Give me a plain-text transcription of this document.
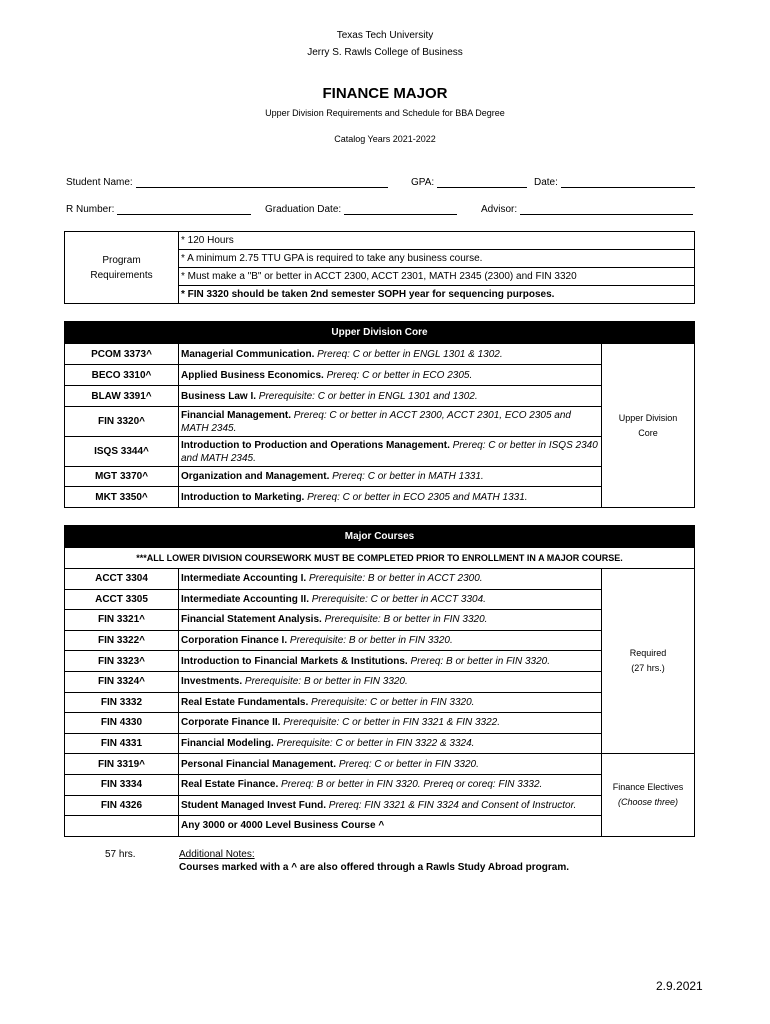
Texas Tech University
Jerry S. Rawls College of Business
FINANCE MAJOR
Upper Division Requirements and Schedule for BBA Degree
Catalog Years 2021-2022
Student Name:	GPA:	Date:
R Number:	Graduation Date:	Advisor:
Program
Requirements
	* 120 Hours
* A minimum 2.75 TTU GPA is required to take any business course.
* Must make a "B" or better in ACCT 2300, ACCT 2301, MATH 2345 (2300) and FIN 3320
* FIN 3320 should be taken 2nd semester SOPH year for sequencing purposes.
Upper Division Core		
PCOM 3373^	Managerial Communication. Prereq: C or better in ENGL 1301 & 1302.	Upper Division
Core

BECO 3310^	Applied Business Economics. Prereq: C or better in ECO 2305.	
BLAW 3391^	Business Law I. Prerequisite: C or better in ENGL 1301 and 1302.	
FIN 3320^	Financial Management. Prereq: C or better in ACCT 2300, ACCT 2301, ECO 2305 and MATH 2345.	
ISQS 3344^	Introduction to Production and Operations Management. Prereq: C or better in ISQS 2340 and MATH 2345.	
MGT 3370^	Organization and Management. Prereq: C or better in MATH 1331.	
MKT 3350^	Introduction to Marketing. Prereq: C or better in ECO 2305 and MATH 1331.	
Major Courses		
***ALL LOWER DIVISION COURSEWORK MUST BE COMPLETED PRIOR TO ENROLLMENT IN A MAJOR COURSE.		
ACCT 3304	Intermediate Accounting I. Prerequisite: B or better in ACCT 2300.	Required
(27 hrs.)

ACCT 3305	Intermediate Accounting II. Prerequisite: C or better in ACCT 3304.	
FIN 3321^	Financial Statement Analysis. Prerequisite: B or better in FIN 3320.	
FIN 3322^	Corporation Finance I. Prerequisite: B or better in FIN 3320.	
FIN 3323^	Introduction to Financial Markets & Institutions. Prereq: B or better in FIN 3320.	
FIN 3324^	Investments. Prerequisite: B or better in FIN 3320.	
FIN 3332	Real Estate Fundamentals. Prerequisite: C or better in FIN 3320.	
FIN 4330	Corporate Finance II. Prerequisite: C or better in FIN 3321 & FIN 3322.	
FIN 4331	Financial Modeling. Prerequisite: C or better in FIN 3322 & 3324.	
FIN 3319^	Personal Financial Management. Prereq: C or better in FIN 3320.	Finance Electives
(Choose three)

FIN 3334	Real Estate Finance. Prereq: B or better in FIN 3320. Prereq or coreq: FIN 3332.	
FIN 4326	Student Managed Invest Fund. Prereq: FIN 3321 & FIN 3324 and Consent of Instructor.	
	Any 3000 or 4000 Level Business Course ^	
57 hrs.	Additional Notes:
Courses marked with a ^ are also offered through a Rawls Study Abroad program.
2.9.2021
